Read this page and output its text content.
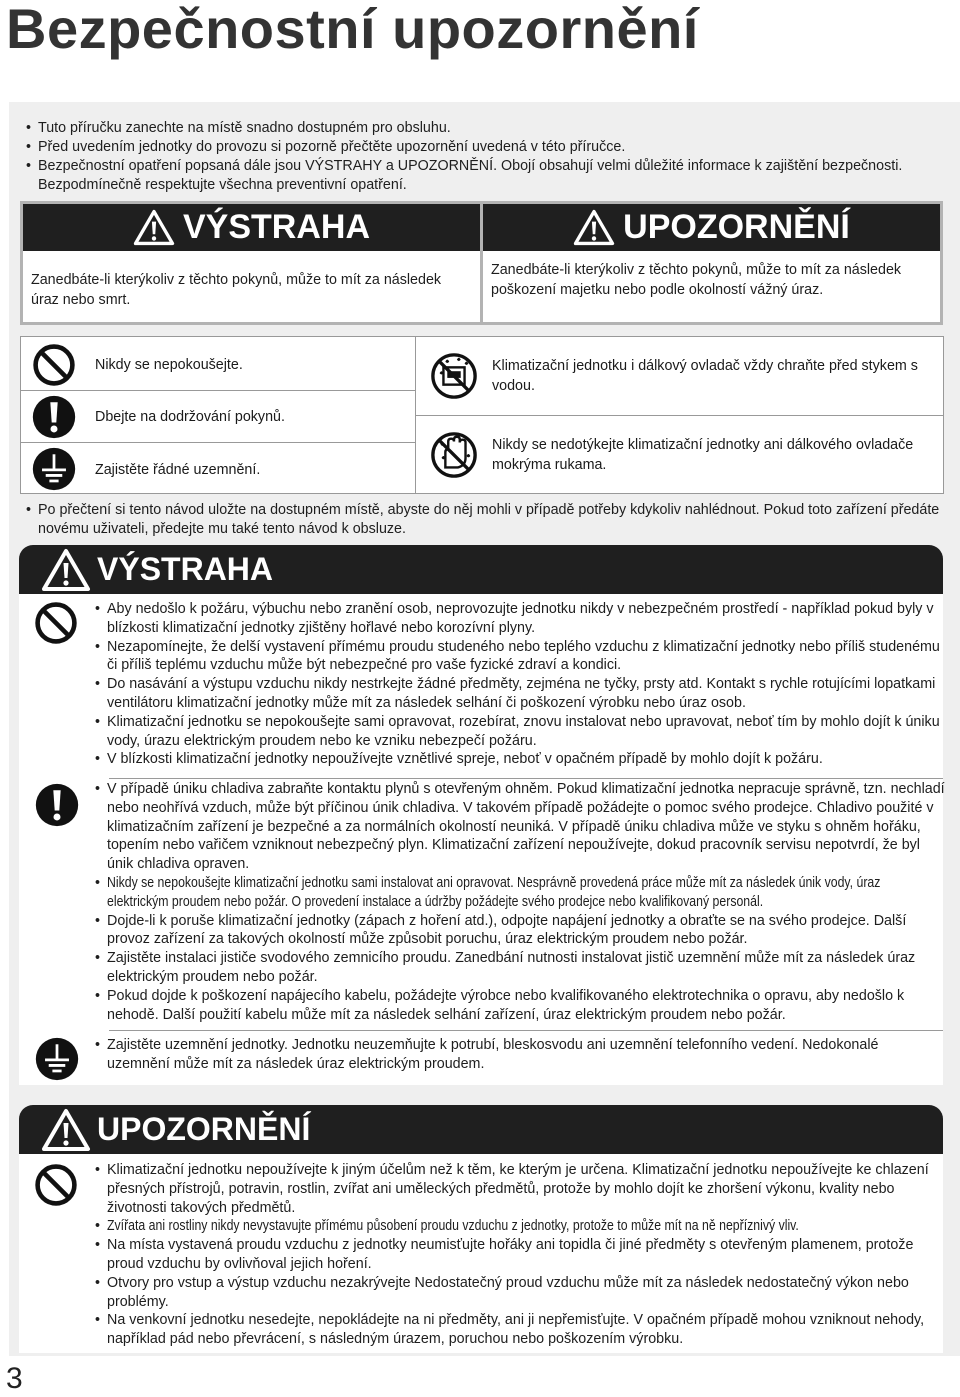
Bezpečnostní upozornění
• Tuto příručku zanechte na místě snadno dostupném pro obsluhu.
• Před uvedením jednotky do provozu si pozorně přečtěte upozornění uvedená v této příručce.
• Bezpečnostní opatření popsaná dále jsou VÝSTRAHY a UPOZORNĚNÍ. Obojí obsahují velmi důležité informace k zajištění bezpečnosti. Bezpodmínečně respektujte všechna preventivní opatření.
VÝSTRAHA
Zanedbáte-li kterýkoliv z těchto pokynů, může to mít za následek úraz nebo smrt.
UPOZORNĚNÍ
Zanedbáte-li kterýkoliv z těchto pokynů, může to mít za následek poškození majetku nebo podle okolností vážný úraz.
Nikdy se nepokoušejte.
Dbejte na dodržování pokynů.
Zajistěte řádné uzemnění.
Klimatizační jednotku i dálkový ovladač vždy chraňte před stykem s vodou.
Nikdy se nedotýkejte klimatizační jednotky ani dálkového ovladače mokrýma rukama.
• Po přečtení si tento návod uložte na dostupném místě, abyste do něj mohli v případě potřeby kdykoliv nahlédnout. Pokud toto zařízení předáte novému uživateli, předejte mu také tento návod k obsluze.
VÝSTRAHA
• Aby nedošlo k požáru, výbuchu nebo zranění osob, neprovozujte jednotku nikdy v nebezpečném prostředí - například pokud byly v blízkosti klimatizační jednotky zjištěny hořlavé nebo korozívní plyny.
• Nezapomínejte, že delší vystavení přímému proudu studeného nebo teplého vzduchu z klimatizační jednotky nebo příliš studenému či příliš teplému vzduchu může být nebezpečné pro vaše fyzické zdraví a kondici.
• Do nasávání a výstupu vzduchu nikdy nestrkejte žádné předměty, zejména ne tyčky, prsty atd. Kontakt s rychle rotujícími lopatkami ventilátoru klimatizační jednotky může mít za následek selhání či poškození výrobku nebo úraz osob.
• Klimatizační jednotku se nepokoušejte sami opravovat, rozebírat, znovu instalovat nebo upravovat, neboť tím by mohlo dojít k úniku vody, úrazu elektrickým proudem nebo ke vzniku nebezpečí požáru.
• V blízkosti klimatizační jednotky nepoužívejte vznětlivé spreje, neboť v opačném případě by mohlo dojít k požáru.
• V případě úniku chladiva zabraňte kontaktu plynů s otevřeným ohněm. Pokud klimatizační jednotka nepracuje správně, tzn. nechladí nebo neohřívá vzduch, může být příčinou únik chladiva. V takovém případě požádejte o pomoc svého prodejce. Chladivo použité v klimatizačním zařízení je bezpečné a za normálních okolností neuniká. V případě úniku chladiva může ve styku s ohněm hořáku, topením nebo vařičem vzniknout nebezpečný plyn. Klimatizační zařízení nepoužívejte, dokud pracovník servisu nepotvrdí, že byl únik chladiva opraven.
• Nikdy se nepokoušejte klimatizační jednotku sami instalovat ani opravovat. Nesprávně provedená práce může mít za následek únik vody, úraz elektrickým proudem nebo požár. O provedení instalace a údržby požádejte svého prodejce nebo kvalifikovaný personál.
• Dojde-li k poruše klimatizační jednotky (zápach z hoření atd.), odpojte napájení jednotky a obraťte se na svého prodejce. Další provoz zařízení za takových okolností může způsobit poruchu, úraz elektrickým proudem nebo požár.
• Zajistěte instalaci jističe svodového zemnicího proudu. Zanedbání nutnosti instalovat jistič uzemnění může mít za následek úraz elektrickým proudem nebo požár.
• Pokud dojde k poškození napájecího kabelu, požádejte výrobce nebo kvalifikovaného elektrotechnika o opravu, aby nedošlo k nehodě. Další použití kabelu může mít za následek selhání zařízení, úraz elektrickým proudem nebo požár.
• Zajistěte uzemnění jednotky. Jednotku neuzemňujte k potrubí, bleskosvodu ani uzemnění telefonního vedení. Nedokonalé uzemnění může mít za následek úraz elektrickým proudem.
UPOZORNĚNÍ
• Klimatizační jednotku nepoužívejte k jiným účelům než k těm, ke kterým je určena. Klimatizační jednotku nepoužívejte ke chlazení přesných přístrojů, potravin, rostlin, zvířat ani uměleckých předmětů, protože by mohlo dojít ke zhoršení výkonu, kvality nebo životnosti takových předmětů.
• Zvířata ani rostliny nikdy nevystavujte přímému působení proudu vzduchu z jednotky, protože to může mít na ně nepříznivý vliv.
• Na místa vystavená proudu vzduchu z jednotky neumisťujte hořáky ani topidla či jiné předměty s otevřeným plamenem, protože proud vzduchu by ovlivňoval jejich hoření.
• Otvory pro vstup a výstup vzduchu nezakrývejte Nedostatečný proud vzduchu může mít za následek nedostatečný výkon nebo problémy.
• Na venkovní jednotku nesedejte, nepokládejte na ni předměty, ani ji nepřemisťujte. V opačném případě mohou vzniknout nehody, například pád nebo převrácení, s následným úrazem, poruchou nebo poškozením výrobku.
3
